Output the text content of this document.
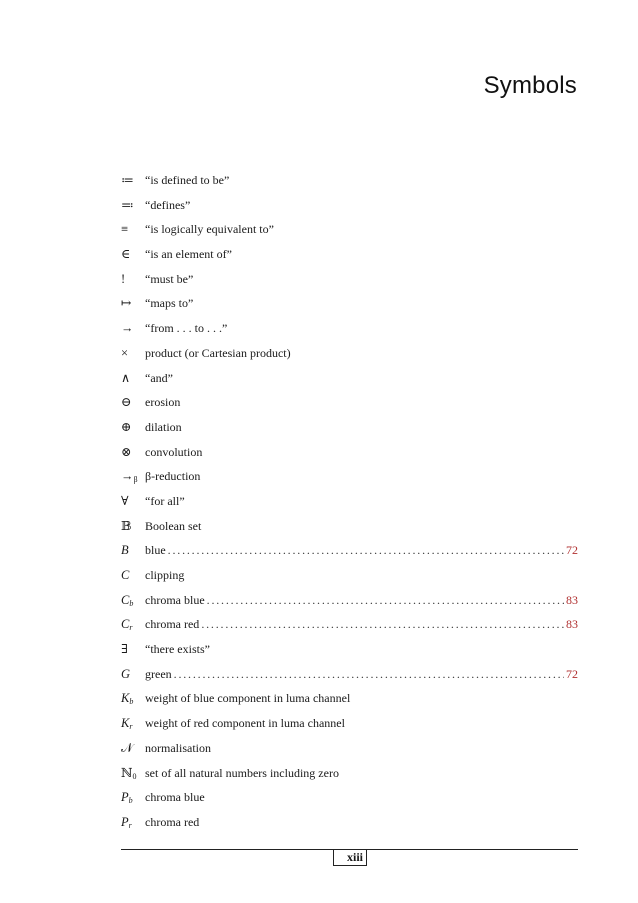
Symbols
≔ “is defined to be”
≕ “defines”
≡	“is logically equivalent to”
∈	“is an element of”
!	“must be”
↦	“maps to”
→ “from . . . to . . .”
×	product (or Cartesian product)
∧	“and”
⊖	erosion
⊕	dilation
⊗	convolution
$\to_\beta$ β-reduction
∀	“for all”
𝔹	Boolean set
B	blue . . .	72
C	clipping
$C_b$ chroma blue . . .	83
$C_r$	chroma red . . .	83
∃	“there exists”
G	green . . .	72
$K_b$ weight of blue component in luma channel
$K_r$	weight of red component in luma channel
𝒩	normalisation
ℕ$_0$ set of all natural numbers including zero
$P_b$	chroma blue
$P_r$	chroma red
xiii
